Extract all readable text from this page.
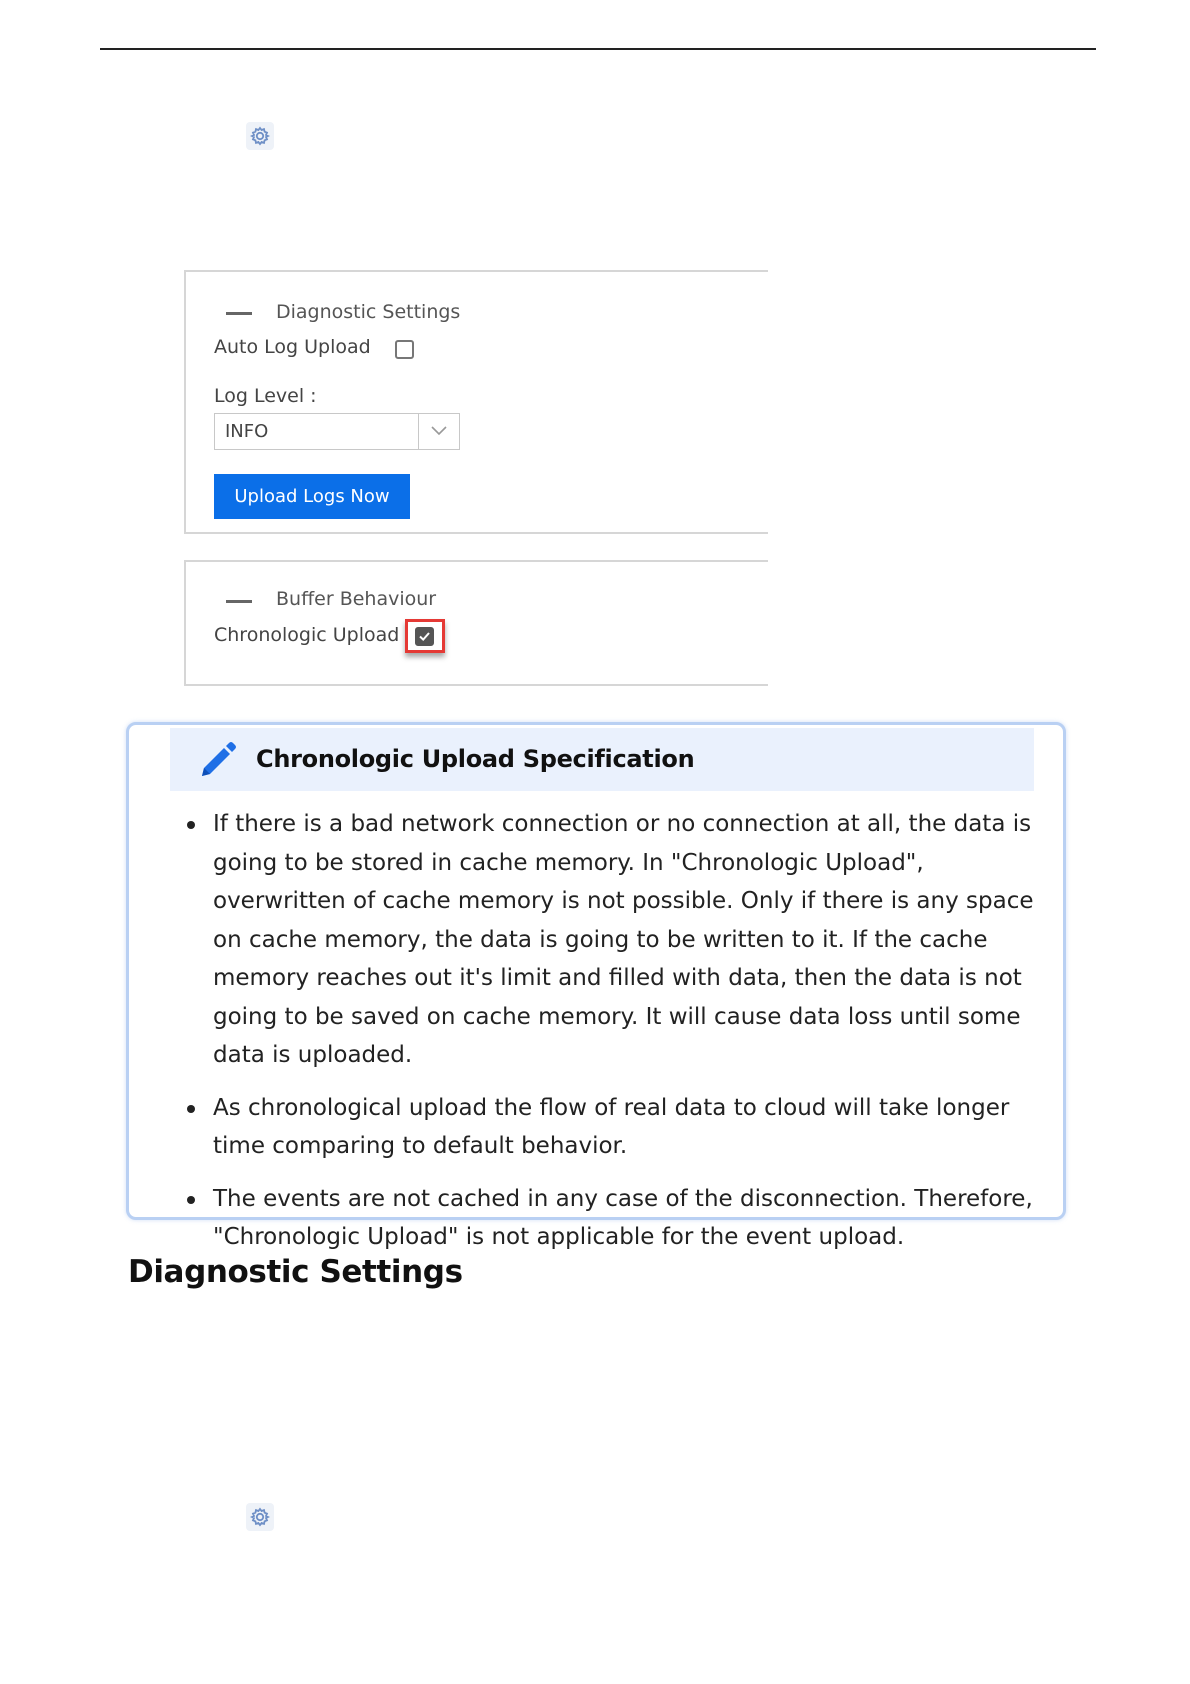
Diagnostic Settings
Auto Log Upload
Log Level :
INFO
Upload Logs Now
Buffer Behaviour
Chronologic Upload
Chronologic Upload Specification
If there is a bad network connection or no connection at all, the data is going to be stored in cache memory. In "Chronologic Upload", overwritten of cache memory is not possible. Only if there is any space on cache memory, the data is going to be written to it. If the cache memory reaches out it's limit and filled with data, then the data is not going to be saved on cache memory. It will cause data loss until some data is uploaded.
As chronological upload the flow of real data to cloud will take longer time comparing to default behavior.
The events are not cached in any case of the disconnection. Therefore, "Chronologic Upload" is not applicable for the event upload.
Diagnostic Settings
